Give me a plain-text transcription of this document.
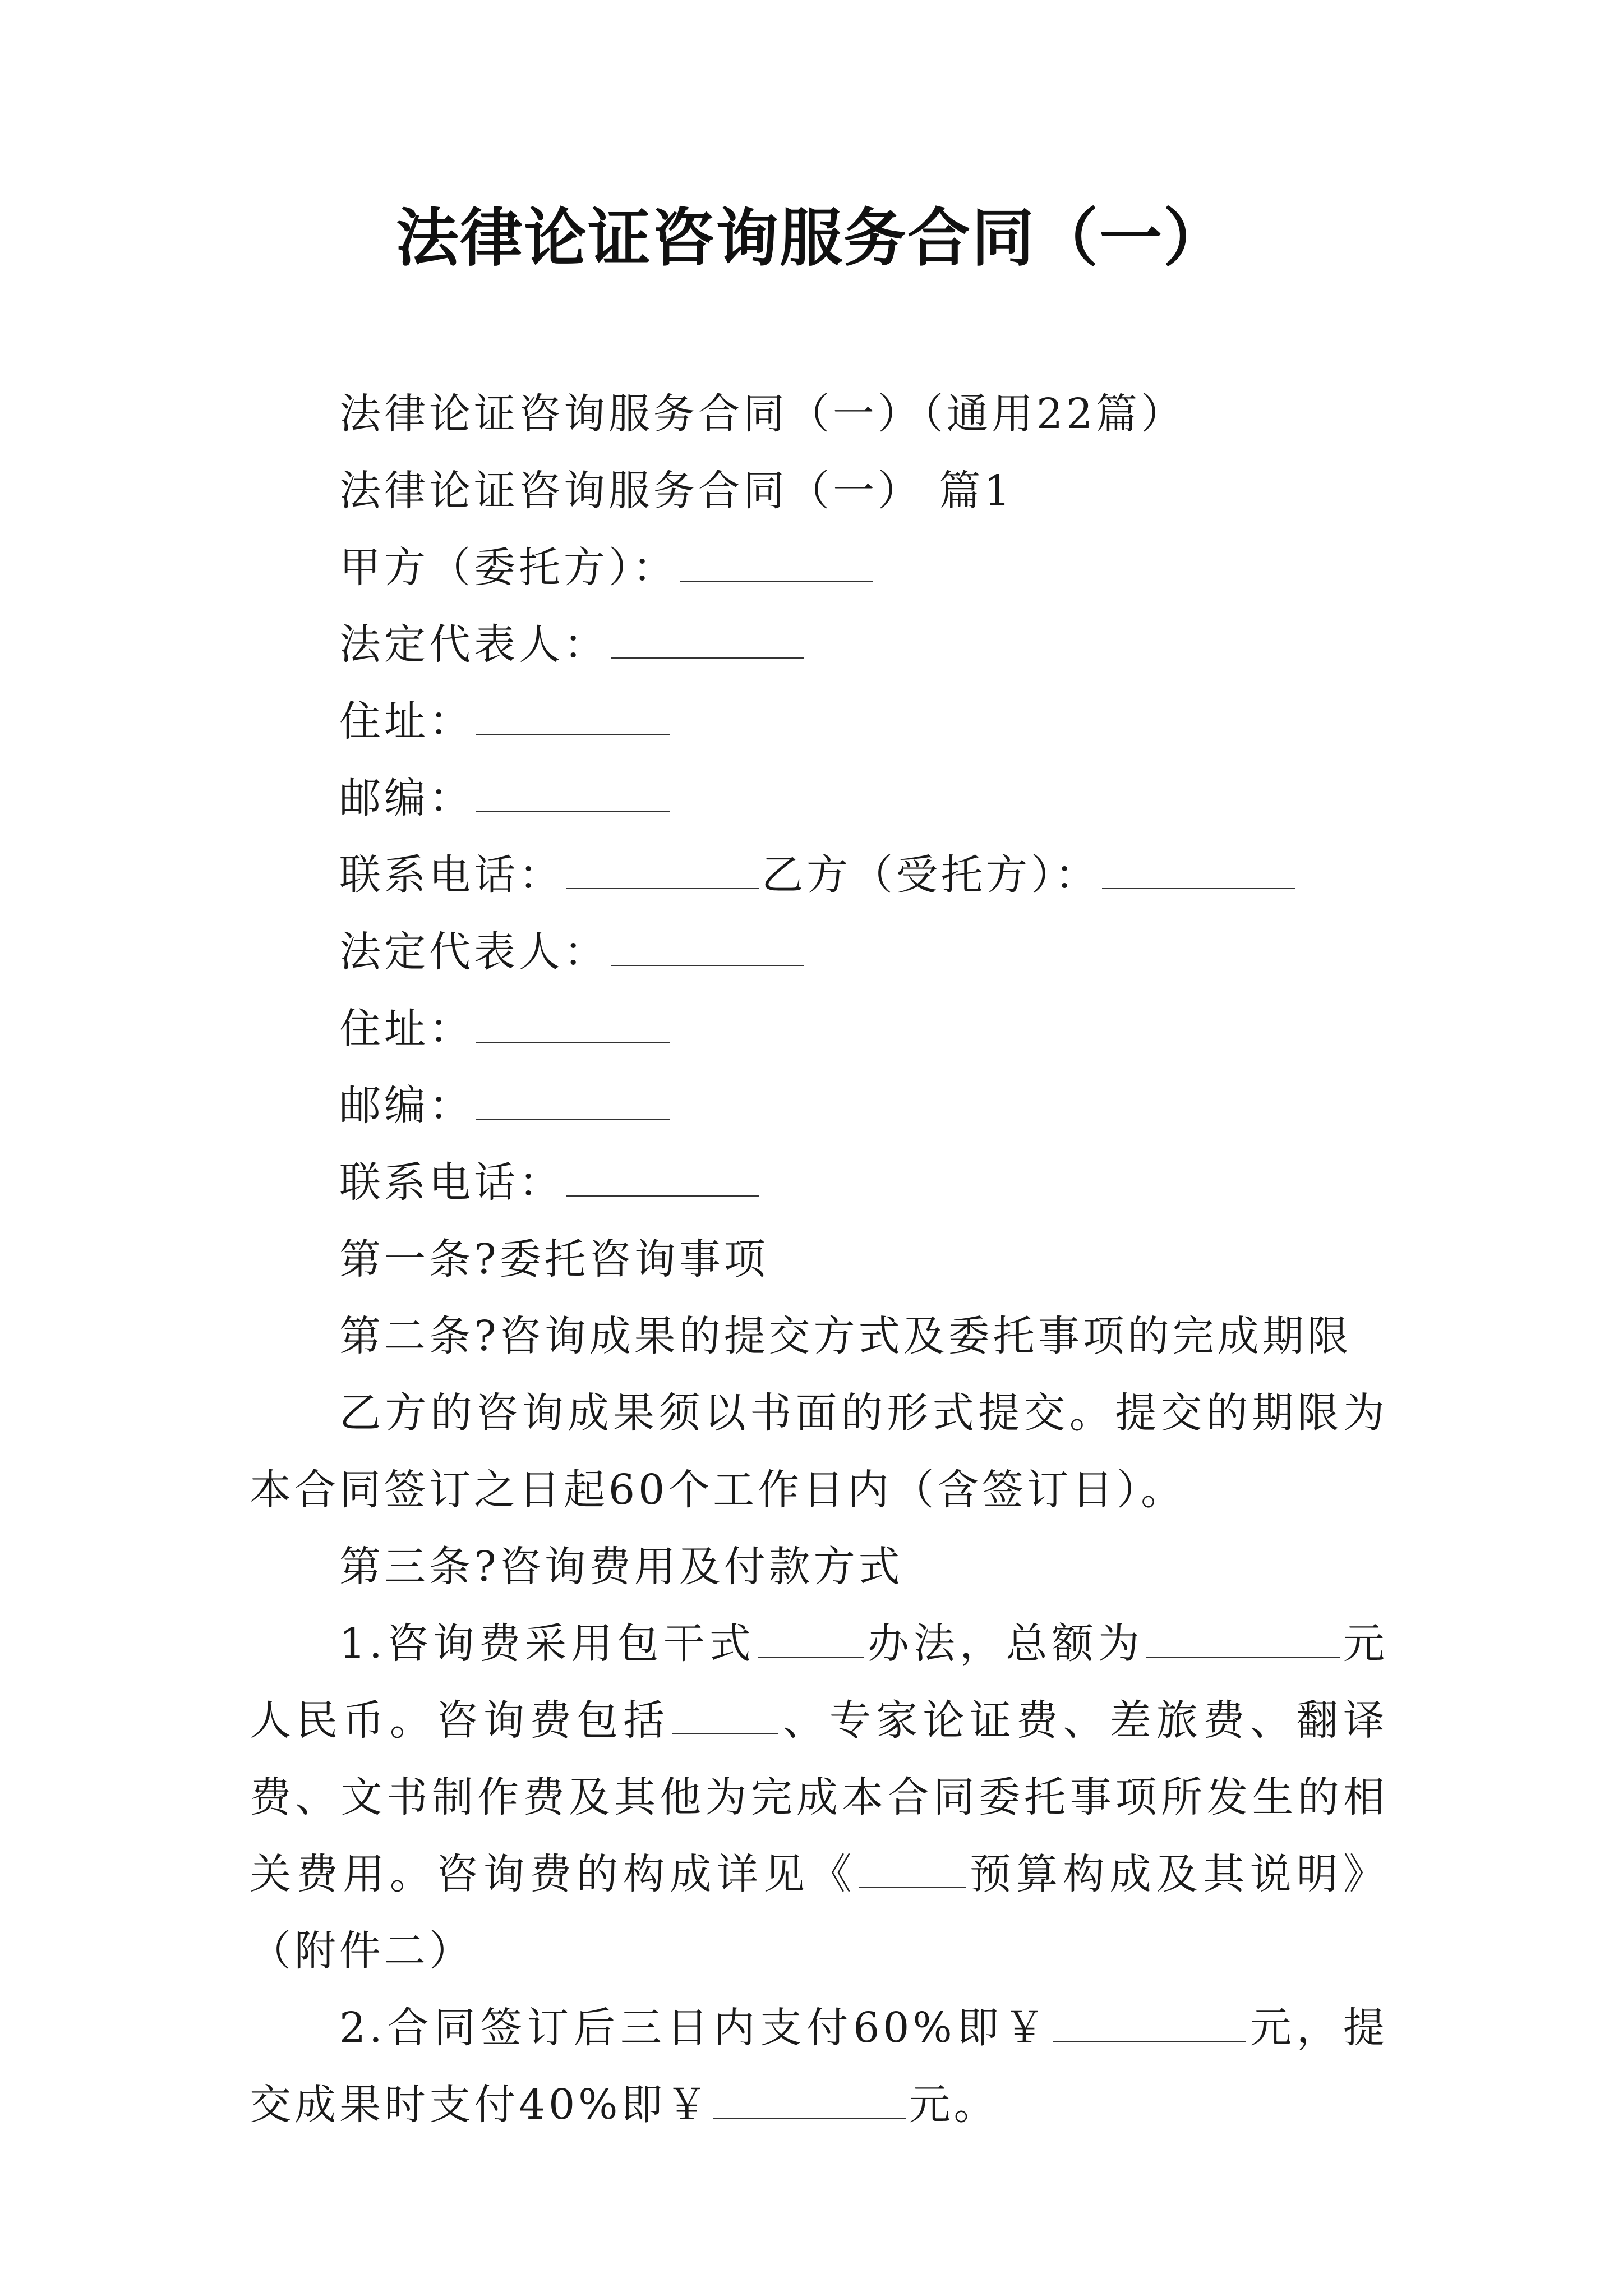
法律论证咨询服务合同（一）

法律论证咨询服务合同（一）（通用22篇）

法律论证咨询服务合同（一） 篇1

甲方（委托方）：

法定代表人：

住址：

邮编：

联系电话：	乙方（受托方）：

法定代表人：

住址：

邮编：

联系电话：

第一条?委托咨询事项

第二条?咨询成果的提交方式及委托事项的完成期限

乙方的咨询成果须以书面的形式提交。提交的期限为本合同签订之日起60个工作日内（含签订日）。

第三条?咨询费用及付款方式

1.咨询费采用包干式	办法，总额为	元人民币。咨询费包括	、专家论证费、差旅费、翻译费、文书制作费及其他为完成本合同委托事项所发生的相关费用。咨询费的构成详见《	预算构成及其说明》（附件二）

2.合同签订后三日内支付60%即￥	元，提交成果时支付40%即￥	元。
